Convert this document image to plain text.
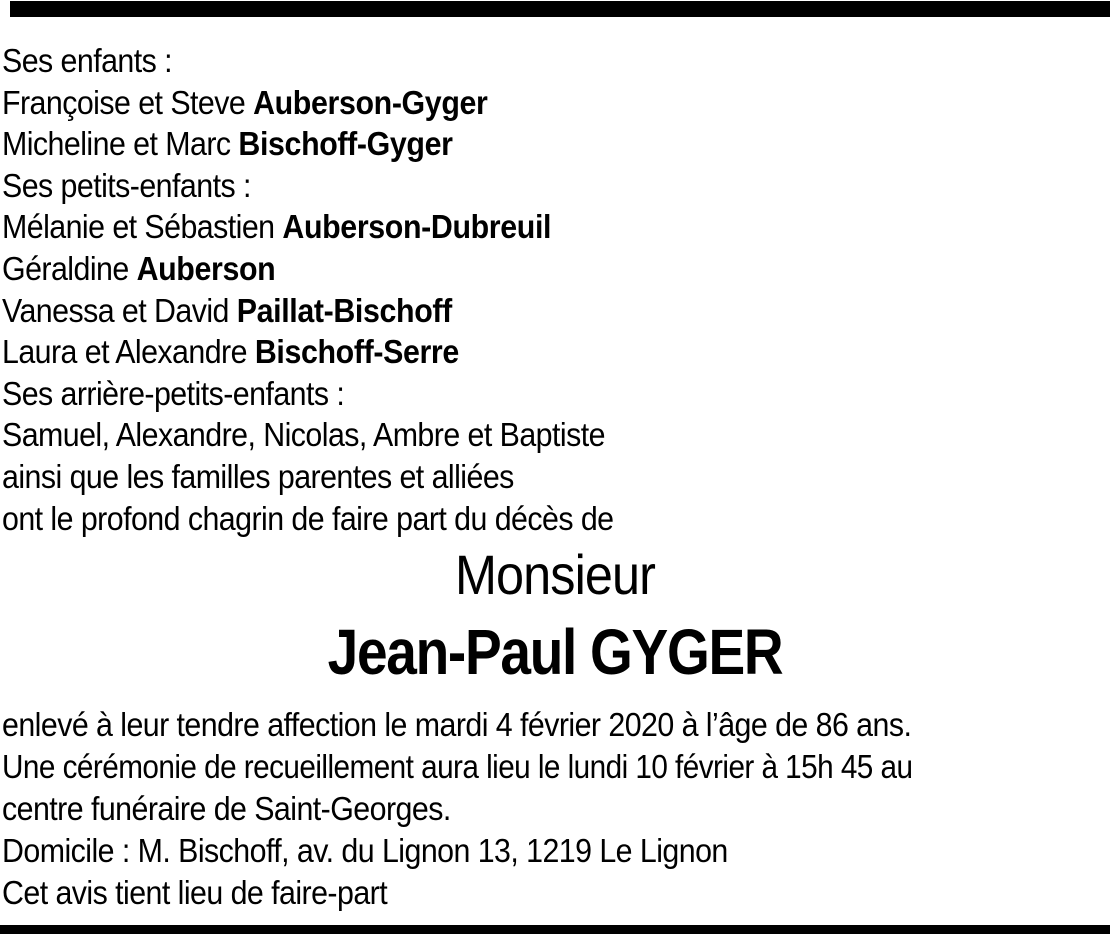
Ses enfants :
Françoise et Steve Auberson-Gyger
Micheline et Marc Bischoff-Gyger
Ses petits-enfants :
Mélanie et Sébastien Auberson-Dubreuil
Géraldine Auberson
Vanessa et David Paillat-Bischoff
Laura et Alexandre Bischoff-Serre
Ses arrière-petits-enfants :
Samuel, Alexandre, Nicolas, Ambre et Baptiste
ainsi que les familles parentes et alliées
ont le profond chagrin de faire part du décès de
Monsieur
Jean-Paul GYGER
enlevé à leur tendre affection le mardi 4 février 2020 à l’âge de 86 ans.
Une cérémonie de recueillement aura lieu le lundi 10 février à 15h 45 au
centre funéraire de Saint-Georges.
Domicile : M. Bischoff, av. du Lignon 13, 1219 Le Lignon
Cet avis tient lieu de faire-part
